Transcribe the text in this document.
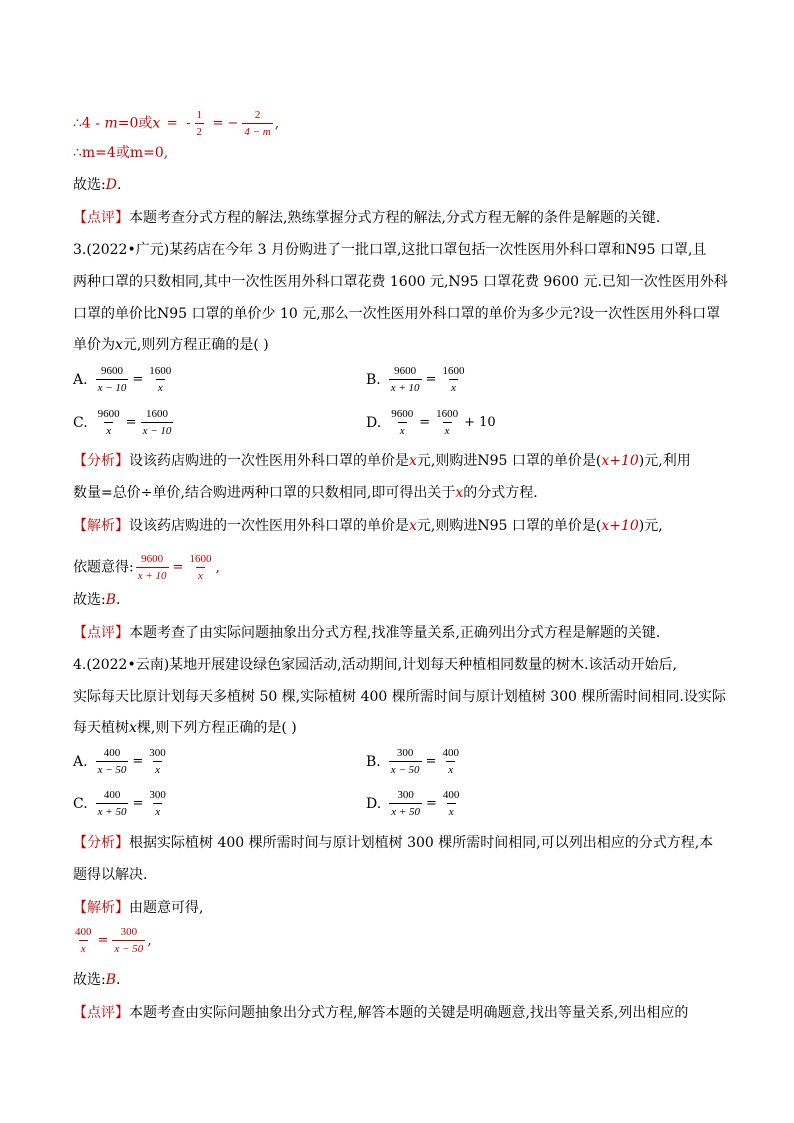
∴4 - m=0或x = - $\frac{1}{2}$ = − $\frac{2}{4 - m}$ ,
∴m=4或m=0,
故选:D.
【点评】本题考查分式方程的解法,熟练掌握分式方程的解法,分式方程无解的条件是解题的关键.
3.(2022•广元)某药店在今年 3 月份购进了一批口罩,这批口罩包括一次性医用外科口罩和N95 口罩,且
两种口罩的只数相同,其中一次性医用外科口罩花费 1600 元,N95 口罩花费 9600 元.已知一次性医用外科
口罩的单价比N95 口罩的单价少 10 元,那么一次性医用外科口罩的单价为多少元?设一次性医用外科口罩
单价为x元,则列方程正确的是( )
A. $\frac{9600}{x - 10} = \frac{1600}{x}$	B. $\frac{9600}{x + 10} = \frac{1600}{x}$
C. $\frac{9600}{x} = \frac{1600}{x - 10}$	D. $\frac{9600}{x} = \frac{1600}{x} + 10$
【分析】设该药店购进的一次性医用外科口罩的单价是x元,则购进N95 口罩的单价是(x+10)元,利用
数量=总价÷单价,结合购进两种口罩的只数相同,即可得出关于x的分式方程.
【解析】设该药店购进的一次性医用外科口罩的单价是x元,则购进N95 口罩的单价是(x+10)元,
依题意得: $\frac{9600}{x + 10} = \frac{1600}{x}$ ,
故选:B.
【点评】本题考查了由实际问题抽象出分式方程,找准等量关系,正确列出分式方程是解题的关键.
4.(2022•云南)某地开展建设绿色家园活动,活动期间,计划每天种植相同数量的树木.该活动开始后,
实际每天比原计划每天多植树 50 棵,实际植树 400 棵所需时间与原计划植树 300 棵所需时间相同.设实际
每天植树x棵,则下列方程正确的是( )
A. $\frac{400}{x - 50} = \frac{300}{x}$	B. $\frac{300}{x - 50} = \frac{400}{x}$
C. $\frac{400}{x + 50} = \frac{300}{x}$	D. $\frac{300}{x + 50} = \frac{400}{x}$
【分析】根据实际植树 400 棵所需时间与原计划植树 300 棵所需时间相同,可以列出相应的分式方程,本
题得以解决.
【解析】由题意可得,
$\frac{400}{x} = \frac{300}{x - 50}$ ,
故选:B.
【点评】本题考查由实际问题抽象出分式方程,解答本题的关键是明确题意,找出等量关系,列出相应的
